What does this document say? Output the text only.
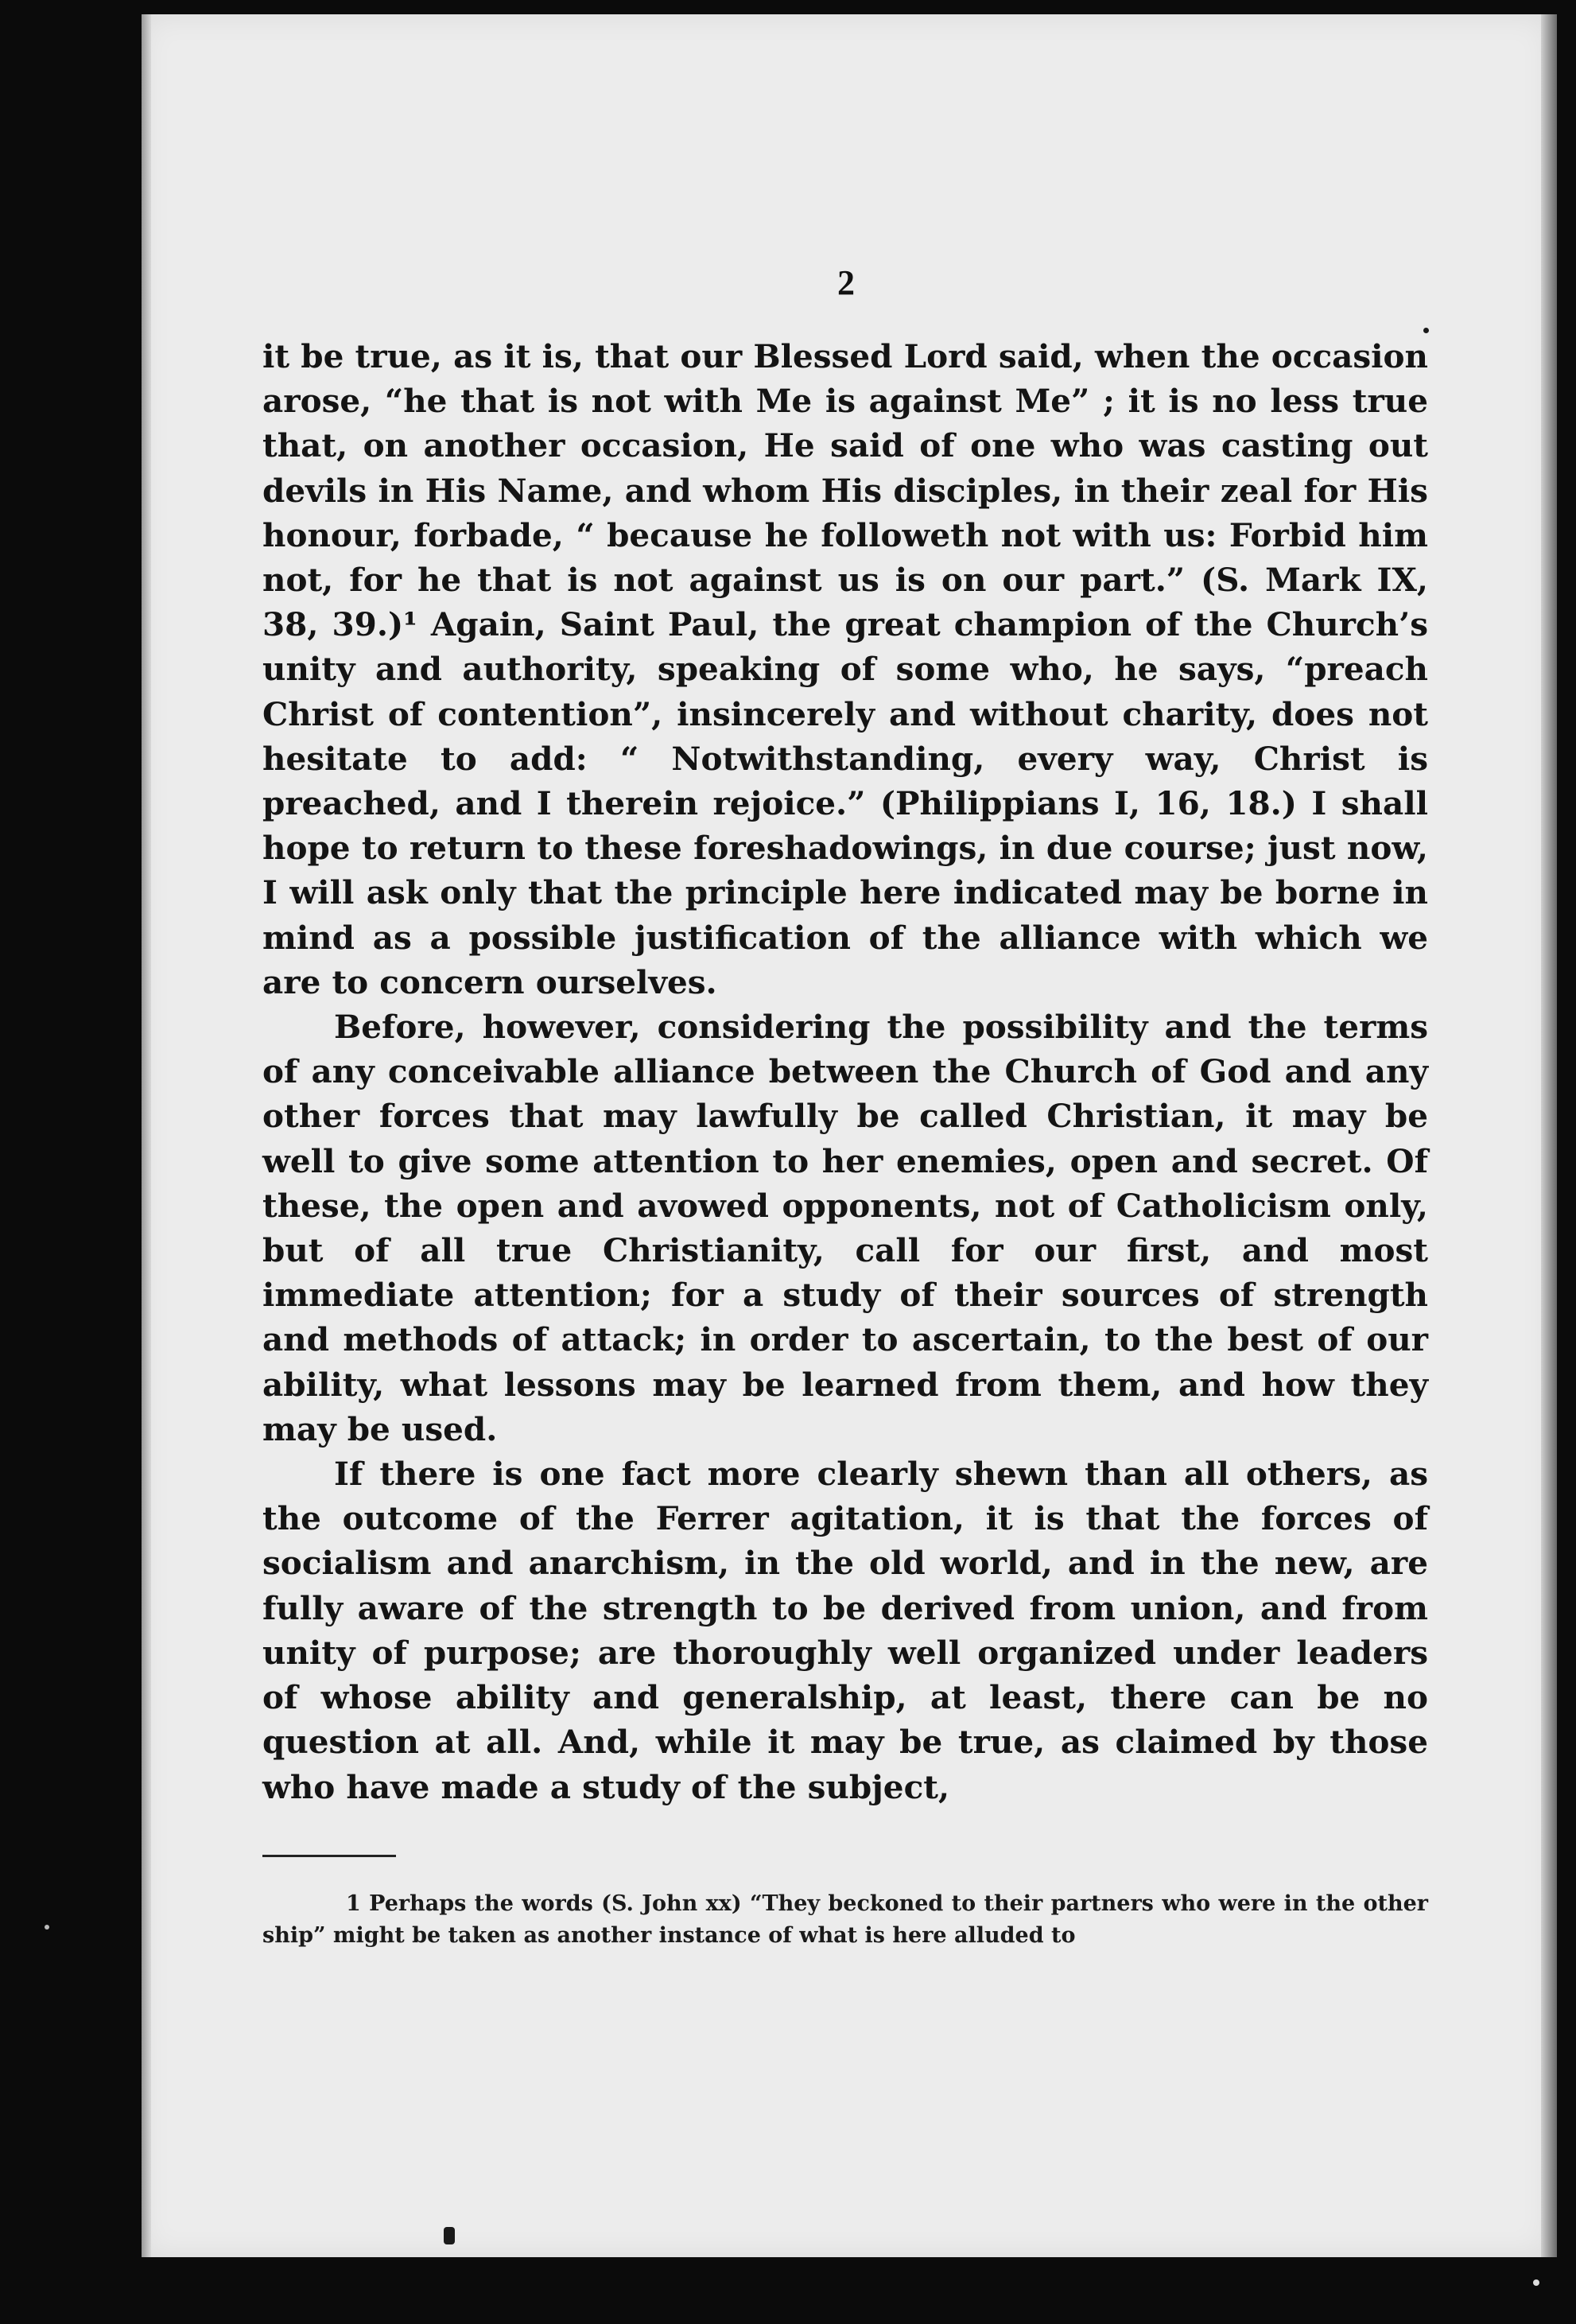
2

it be true, as it is, that our Blessed Lord said, when the occasion arose, “he that is not with Me is against Me” ; it is no less true that, on another occasion, He said of one who was casting out devils in His Name, and whom His disciples, in their zeal for His honour, forbade, “ because he followeth not with us: Forbid him not, for he that is not against us is on our part.” (S. Mark IX, 38, 39.)¹ Again, Saint Paul, the great champion of the Church’s unity and authority, speaking of some who, he says, “preach Christ of contention”, insincerely and without charity, does not hesitate to add: “ Notwithstanding, every way, Christ is preached, and I therein rejoice.” (Philippians I, 16, 18.) I shall hope to return to these foreshadowings, in due course; just now, I will ask only that the principle here indicated may be borne in mind as a possible justification of the alliance with which we are to concern ourselves.

Before, however, considering the possibility and the terms of any conceivable alliance between the Church of God and any other forces that may lawfully be called Christian, it may be well to give some attention to her enemies, open and secret. Of these, the open and avowed opponents, not of Catholicism only, but of all true Christianity, call for our first, and most immediate attention; for a study of their sources of strength and methods of attack; in order to ascertain, to the best of our ability, what lessons may be learned from them, and how they may be used.

If there is one fact more clearly shewn than all others, as the outcome of the Ferrer agitation, it is that the forces of socialism and anarchism, in the old world, and in the new, are fully aware of the strength to be derived from union, and from unity of purpose; are thoroughly well organized under leaders of whose ability and generalship, at least, there can be no question at all. And, while it may be true, as claimed by those who have made a study of the subject,

1 Perhaps the words (S. John xx) “They beckoned to their partners who were in the other ship” might be taken as another instance of what is here alluded to
